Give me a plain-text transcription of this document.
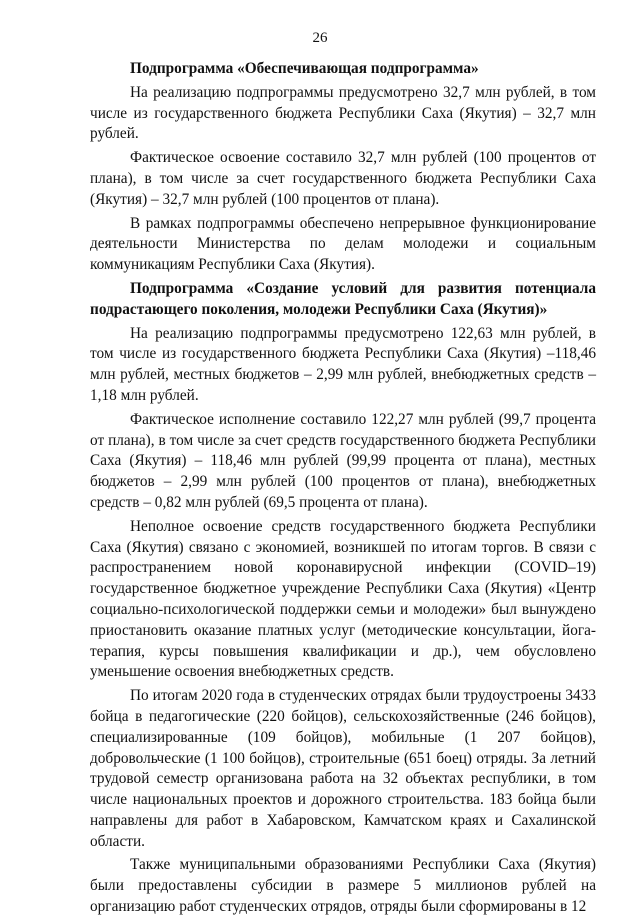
26

Подпрограмма «Обеспечивающая подпрограмма»

На реализацию подпрограммы предусмотрено 32,7 млн рублей, в том числе из государственного бюджета Республики Саха (Якутия) – 32,7 млн рублей.

Фактическое освоение составило 32,7 млн рублей (100 процентов от плана), в том числе за счет государственного бюджета Республики Саха (Якутия) – 32,7 млн рублей (100 процентов от плана).

В рамках подпрограммы обеспечено непрерывное функционирование деятельности Министерства по делам молодежи и социальным коммуникациям Республики Саха (Якутия).

Подпрограмма «Создание условий для развития потенциала подрастающего поколения, молодежи Республики Саха (Якутия)»

На реализацию подпрограммы предусмотрено 122,63 млн рублей, в том числе из государственного бюджета Республики Саха (Якутия) –118,46 млн рублей, местных бюджетов – 2,99 млн рублей, внебюджетных средств – 1,18 млн рублей.

Фактическое исполнение составило 122,27 млн рублей (99,7 процента от плана), в том числе за счет средств государственного бюджета Республики Саха (Якутия) – 118,46 млн рублей (99,99 процента от плана), местных бюджетов – 2,99 млн рублей (100 процентов от плана), внебюджетных средств – 0,82 млн рублей (69,5 процента от плана).

Неполное освоение средств государственного бюджета Республики Саха (Якутия) связано с экономией, возникшей по итогам торгов. В связи с распространением новой коронавирусной инфекции (COVID–19) государственное бюджетное учреждение Республики Саха (Якутия) «Центр социально-психологической поддержки семьи и молодежи» был вынуждено приостановить оказание платных услуг (методические консультации, йога-терапия, курсы повышения квалификации и др.), чем обусловлено уменьшение освоения внебюджетных средств.

По итогам 2020 года в студенческих отрядах были трудоустроены 3433 бойца в педагогические (220 бойцов), сельскохозяйственные (246 бойцов), специализированные (109 бойцов), мобильные (1 207 бойцов), добровольческие (1 100 бойцов), строительные (651 боец) отряды. За летний трудовой семестр организована работа на 32 объектах республики, в том числе национальных проектов и дорожного строительства. 183 бойца были направлены для работ в Хабаровском, Камчатском краях и Сахалинской области.

Также муниципальными образованиями Республики Саха (Якутия) были предоставлены субсидии в размере 5 миллионов рублей на организацию работ студенческих отрядов, отряды были сформированы в 12
